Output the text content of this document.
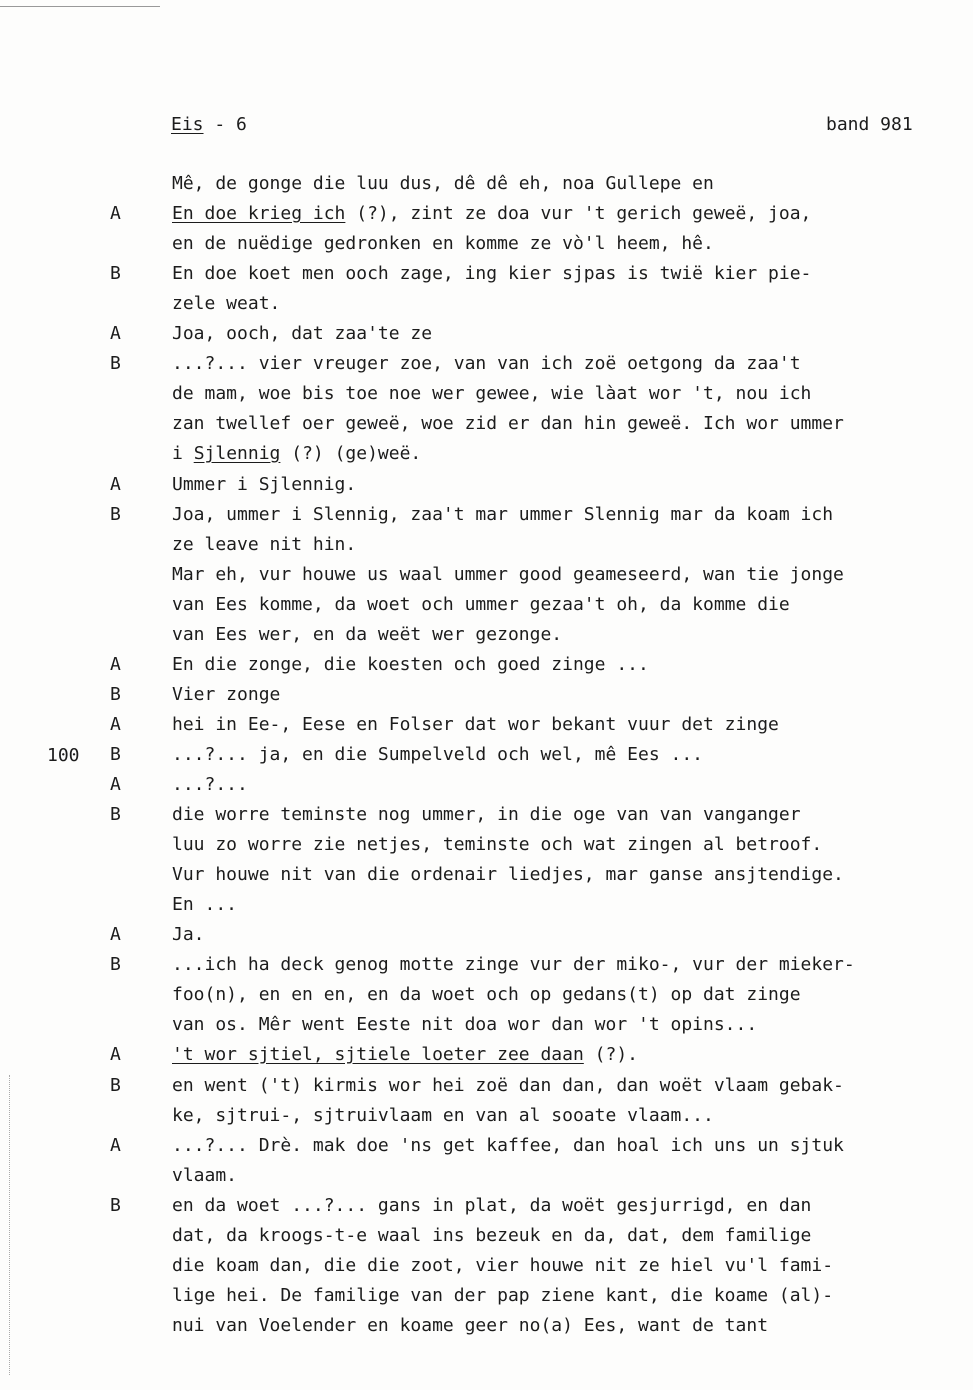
Eis - 6	band 981
100
Mê, de gonge die luu dus, dê dê eh, noa Gullepe en
A	En doe krieg ich (?), zint ze doa vur 't gerich geweë, joa,
en de nuëdige gedronken en komme ze vò'l heem, hê.
B	En doe koet men ooch zage, ing kier sjpas is twië kier pie-
zele weat.
A	Joa, ooch, dat zaa'te ze
B	...?... vier vreuger zoe, van van ich zoë oetgong da zaa't
de mam, woe bis toe noe wer gewee, wie làat wor 't, nou ich
zan twellef oer geweë, woe zid er dan hin geweë. Ich wor ummer
i Sjlennig (?) (ge)weë.
A	Ummer i Sjlennig.
B	Joa, ummer i Slennig, zaa't mar ummer Slennig mar da koam ich
ze leave nit hin.
Mar eh, vur houwe us waal ummer good geameseerd, wan tie jonge
van Ees komme, da woet och ummer gezaa't oh, da komme die
van Ees wer, en da weët wer gezonge.
A	En die zonge, die koesten och goed zinge ...
B	Vier zonge
A	hei in Ee-, Eese en Folser dat wor bekant vuur det zinge
B	...?... ja, en die Sumpelveld och wel, mê Ees ...
A	...?...
B	die worre teminste nog ummer, in die oge van van vanganger
luu zo worre zie netjes, teminste och wat zingen al betroof.
Vur houwe nit van die ordenair liedjes, mar ganse ansjtendige.
En ...
A	Ja.
B	...ich ha deck genog motte zinge vur der miko-, vur der mieker-
foo(n), en en en, en da woet och op gedans(t) op dat zinge
van os. Mêr went Eeste nit doa wor dan wor 't opins...
A	't wor sjtiel, sjtiele loeter zee daan (?).
B	en went ('t) kirmis wor hei zoë dan dan, dan woët vlaam gebak-
ke, sjtrui-, sjtruivlaam en van al sooate vlaam...
A	...?... Drè. mak doe 'ns get kaffee, dan hoal ich uns un sjtuk
vlaam.
B	en da woet ...?... gans in plat, da woët gesjurrigd, en dan
dat, da kroogs-t-e waal ins bezeuk en da, dat, dem familige
die koam dan, die die zoot, vier houwe nit ze hiel vu'l fami-
lige hei. De familige van der pap ziene kant, die koame (al)-
nui van Voelender en koame geer no(a) Ees, want de tant
